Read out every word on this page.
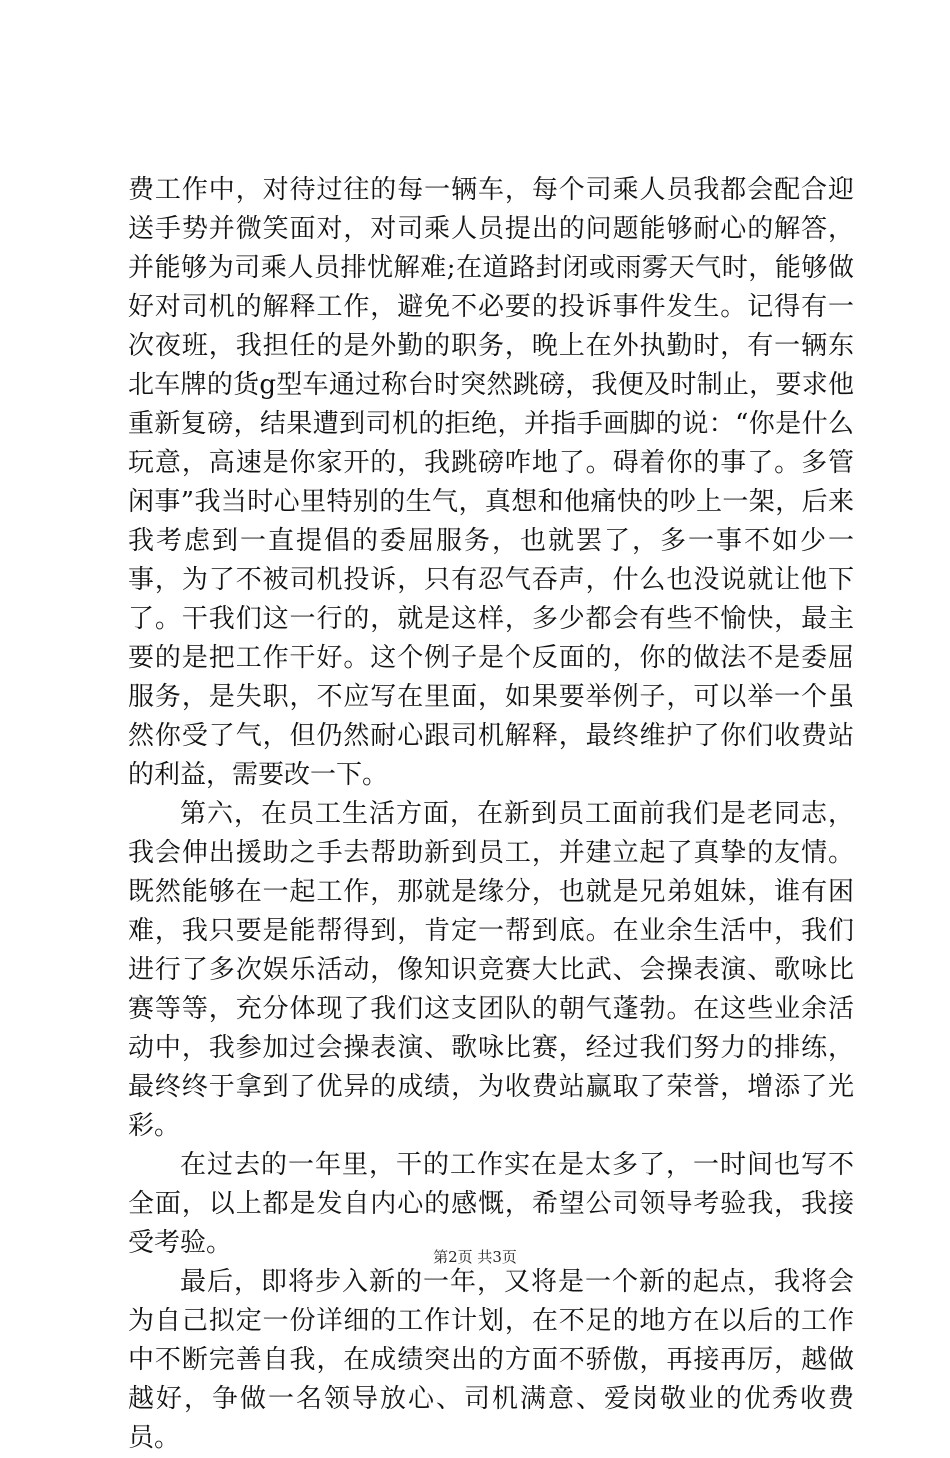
费工作中，对待过往的每一辆车，每个司乘人员我都会配合迎送手势并微笑面对，对司乘人员提出的问题能够耐心的解答，并能够为司乘人员排忧解难;在道路封闭或雨雾天气时，能够做好对司机的解释工作，避免不必要的投诉事件发生。记得有一次夜班，我担任的是外勤的职务，晚上在外执勤时，有一辆东北车牌的货g型车通过称台时突然跳磅，我便及时制止，要求他重新复磅，结果遭到司机的拒绝，并指手画脚的说：“你是什么玩意，高速是你家开的，我跳磅咋地了。碍着你的事了。多管闲事”我当时心里特别的生气，真想和他痛快的吵上一架，后来我考虑到一直提倡的委屈服务，也就罢了，多一事不如少一事，为了不被司机投诉，只有忍气吞声，什么也没说就让他下了。干我们这一行的，就是这样，多少都会有些不愉快，最主要的是把工作干好。这个例子是个反面的，你的做法不是委屈服务，是失职，不应写在里面，如果要举例子，可以举一个虽然你受了气，但仍然耐心跟司机解释，最终维护了你们收费站的利益，需要改一下。

第六，在员工生活方面，在新到员工面前我们是老同志，我会伸出援助之手去帮助新到员工，并建立起了真挚的友情。既然能够在一起工作，那就是缘分，也就是兄弟姐妹，谁有困难，我只要是能帮得到，肯定一帮到底。在业余生活中，我们进行了多次娱乐活动，像知识竞赛大比武、会操表演、歌咏比赛等等，充分体现了我们这支团队的朝气蓬勃。在这些业余活动中，我参加过会操表演、歌咏比赛，经过我们努力的排练，最终终于拿到了优异的成绩，为收费站赢取了荣誉，增添了光彩。

在过去的一年里，干的工作实在是太多了，一时间也写不全面，以上都是发自内心的感慨，希望公司领导考验我，我接受考验。

最后，即将步入新的一年，又将是一个新的起点，我将会为自己拟定一份详细的工作计划，在不足的地方在以后的工作中不断完善自我，在成绩突出的方面不骄傲，再接再厉，越做越好，争做一名领导放心、司机满意、爱岗敬业的优秀收费员。

第2页 共3页
